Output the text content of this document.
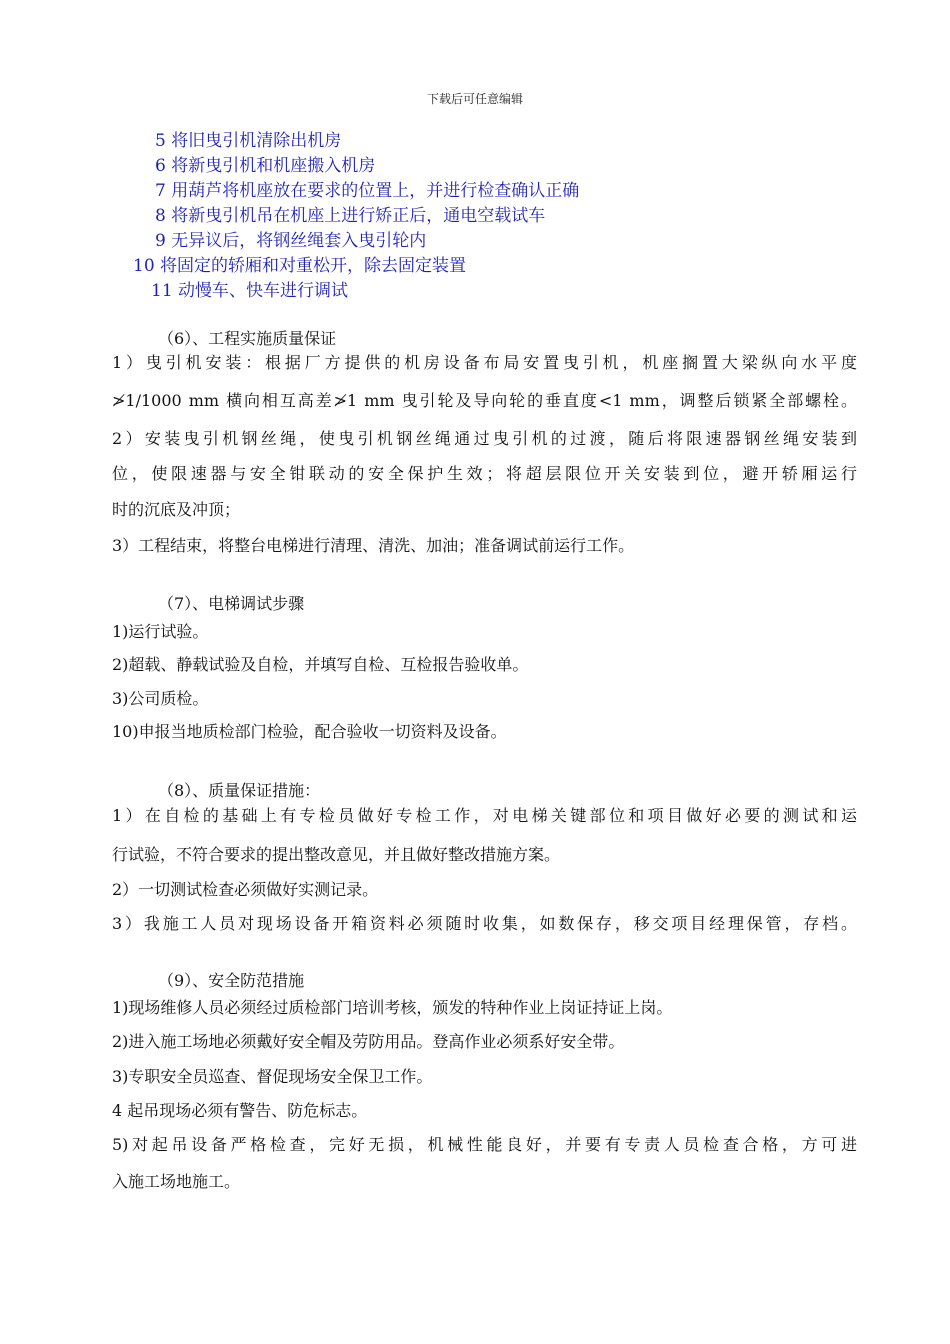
下载后可任意编辑
5 将旧曳引机清除出机房
6 将新曳引机和机座搬入机房
7 用葫芦将机座放在要求的位置上，并进行检查确认正确
8 将新曳引机吊在机座上进行矫正后，通电空载试车
9 无异议后，将钢丝绳套入曳引轮内
10 将固定的轿厢和对重松开，除去固定装置
11 动慢车、快车进行调试
（6）、工程实施质量保证
1）曳引机安装：根据厂方提供的机房设备布局安置曳引机，机座搁置大梁纵向水平度
≯1/1000 mm 横向相互高差≯1 mm 曳引轮及导向轮的垂直度<1 mm，调整后锁紧全部螺栓。
2）安装曳引机钢丝绳，使曳引机钢丝绳通过曳引机的过渡，随后将限速器钢丝绳安装到
位，使限速器与安全钳联动的安全保护生效；将超层限位开关安装到位，避开轿厢运行
时的沉底及冲顶；
3）工程结束，将整台电梯进行清理、清洗、加油；准备调试前运行工作。
（7）、电梯调试步骤
1)运行试验。
2)超载、静载试验及自检，并填写自检、互检报告验收单。
3)公司质检。
10)申报当地质检部门检验，配合验收一切资料及设备。
（8）、质量保证措施：
1）在自检的基础上有专检员做好专检工作，对电梯关键部位和项目做好必要的测试和运
行试验，不符合要求的提出整改意见，并且做好整改措施方案。
2）一切测试检查必须做好实测记录。
3）我施工人员对现场设备开箱资料必须随时收集，如数保存，移交项目经理保管，存档。
（9）、安全防范措施
1)现场维修人员必须经过质检部门培训考核，颁发的特种作业上岗证持证上岗。
2)进入施工场地必须戴好安全帽及劳防用品。登高作业必须系好安全带。
3)专职安全员巡查、督促现场安全保卫工作。
4 起吊现场必须有警告、防危标志。
5)对起吊设备严格检查，完好无损，机械性能良好，并要有专责人员检查合格，方可进
入施工场地施工。
